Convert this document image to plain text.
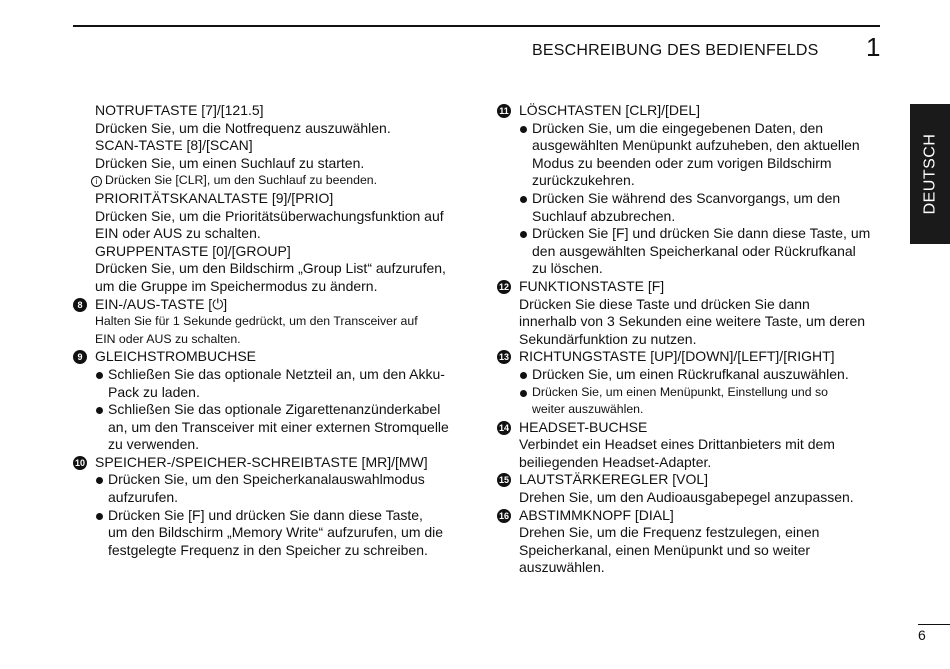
BESCHREIBUNG DES BEDIENFELDS 1
DEUTSCH
NOTRUFTASTE [7]/[121.5]
Drücken Sie, um die Notfrequenz auszuwählen.
SCAN-TASTE [8]/[SCAN]
Drücken Sie, um einen Suchlauf zu starten.
i Drücken Sie [CLR], um den Suchlauf zu beenden.
PRIORITÄTSKANALTASTE [9]/[PRIO]
Drücken Sie, um die Prioritätsüberwachungsfunktion auf
EIN oder AUS zu schalten.
GRUPPENTASTE [0]/[GROUP]
Drücken Sie, um den Bildschirm „Group List“ aufzurufen,
um die Gruppe im Speichermodus zu ändern.
8 EIN-/AUS-TASTE [⏻]
Halten Sie für 1 Sekunde gedrückt, um den Transceiver auf
EIN oder AUS zu schalten.
9 GLEICHSTROMBUCHSE
Schließen Sie das optionale Netzteil an, um den Akku-
Pack zu laden.
Schließen Sie das optionale Zigarettenanzünderkabel
an, um den Transceiver mit einer externen Stromquelle
zu verwenden.
10 SPEICHER-/SPEICHER-SCHREIBTASTE [MR]/[MW]
Drücken Sie, um den Speicherkanalauswahlmodus
aufzurufen.
Drücken Sie [F] und drücken Sie dann diese Taste,
um den Bildschirm „Memory Write“ aufzurufen, um die
festgelegte Frequenz in den Speicher zu schreiben.
11 LÖSCHTASTEN [CLR]/[DEL]
Drücken Sie, um die eingegebenen Daten, den
ausgewählten Menüpunkt aufzuheben, den aktuellen
Modus zu beenden oder zum vorigen Bildschirm
zurückzukehren.
Drücken Sie während des Scanvorgangs, um den
Suchlauf abzubrechen.
Drücken Sie [F] und drücken Sie dann diese Taste, um
den ausgewählten Speicherkanal oder Rückrufkanal
zu löschen.
12 FUNKTIONSTASTE [F]
Drücken Sie diese Taste und drücken Sie dann
innerhalb von 3 Sekunden eine weitere Taste, um deren
Sekundärfunktion zu nutzen.
13 RICHTUNGSTASTE [UP]/[DOWN]/[LEFT]/[RIGHT]
Drücken Sie, um einen Rückrufkanal auszuwählen.
Drücken Sie, um einen Menüpunkt, Einstellung und so
weiter auszuwählen.
14 HEADSET-BUCHSE
Verbindet ein Headset eines Drittanbieters mit dem
beiliegenden Headset-Adapter.
15 LAUTSTÄRKEREGLER [VOL]
Drehen Sie, um den Audioausgabepegel anzupassen.
16 ABSTIMMKNOPF [DIAL]
Drehen Sie, um die Frequenz festzulegen, einen
Speicherkanal, einen Menüpunkt und so weiter
auszuwählen.
6
